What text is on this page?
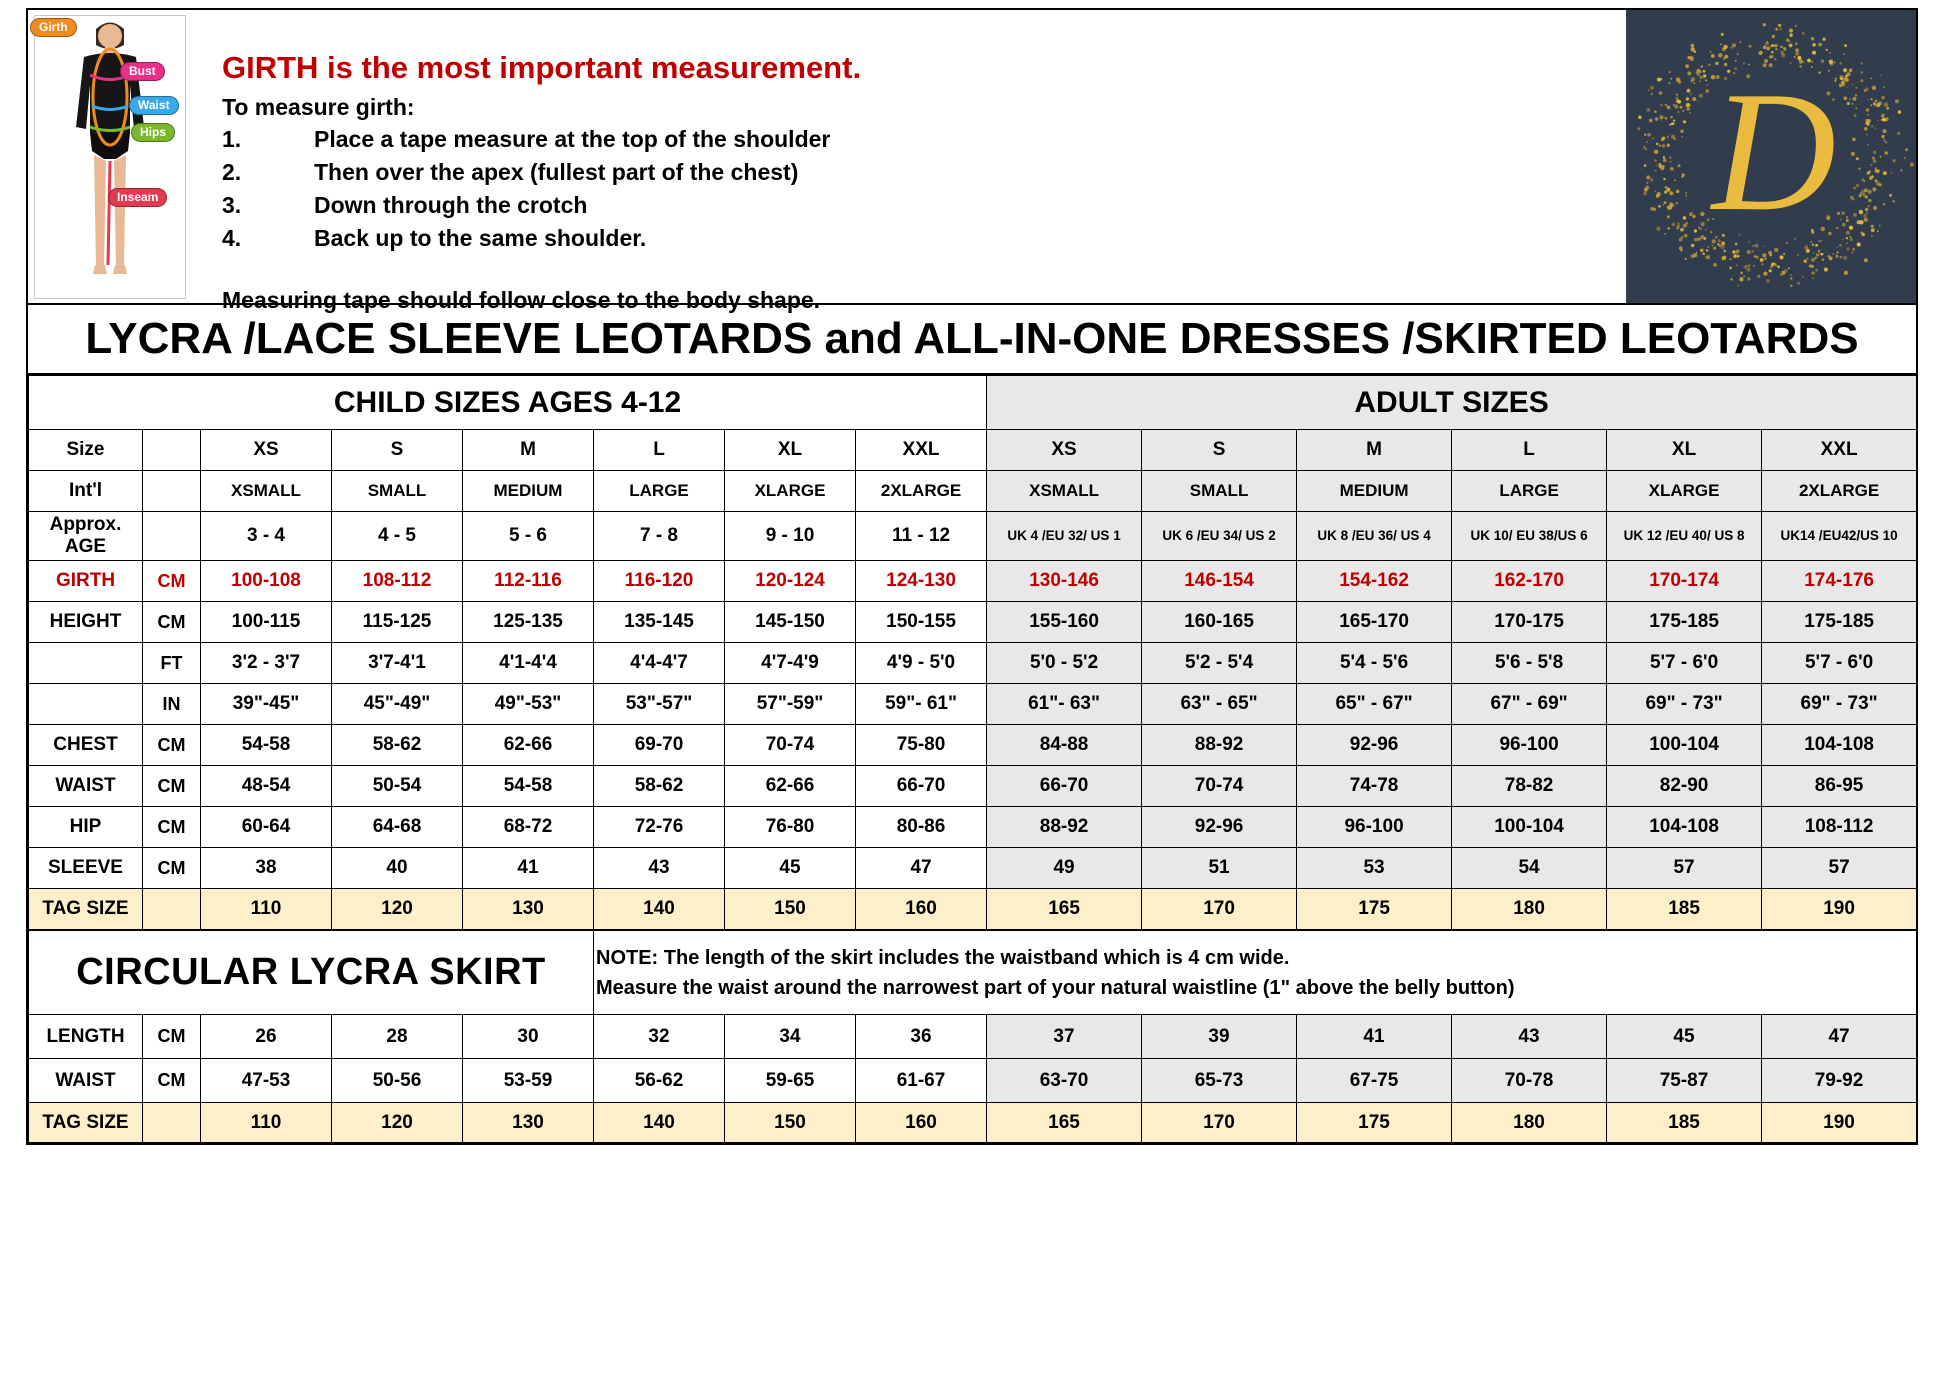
Girth
Bust
Waist
Hips
Inseam
GIRTH is the most important measurement.
To measure girth:
1.	Place a tape measure at the top of the shoulder
2.	Then over the apex (fullest part of the chest)
3.	Down through the crotch
4.	Back up to the same shoulder.
Measuring tape should follow close to the body shape.
D
LYCRA /LACE SLEEVE LEOTARDS and ALL-IN-ONE DRESSES /SKIRTED LEOTARDS
CHILD SIZES AGES 4-12								ADULT SIZES					
Size		XS	S	M	L	XL	XXL	XS	S	M	L	XL	XXL
Int'l		XSMALL	SMALL	MEDIUM	LARGE	XLARGE	2XLARGE	XSMALL	SMALL	MEDIUM	LARGE	XLARGE	2XLARGE
Approx. AGE		3 - 4	4 - 5	5 - 6	7 - 8	9 - 10	11 - 12	UK 4 /EU 32/ US 1	UK 6 /EU 34/ US 2	UK 8 /EU 36/ US 4	UK 10/ EU 38/US 6	UK 12 /EU 40/ US 8	UK14 /EU42/US 10
GIRTH	CM	100-108	108-112	112-116	116-120	120-124	124-130	130-146	146-154	154-162	162-170	170-174	174-176
HEIGHT	CM	100-115	115-125	125-135	135-145	145-150	150-155	155-160	160-165	165-170	170-175	175-185	175-185
	FT	3'2 - 3'7	3'7-4'1	4'1-4'4	4'4-4'7	4'7-4'9	4'9 - 5'0	5'0 - 5'2	5'2 - 5'4	5'4 - 5'6	5'6 - 5'8	5'7 - 6'0	5'7 - 6'0
	IN	39"-45"	45"-49"	49"-53"	53"-57"	57"-59"	59"- 61"	61"- 63"	63" - 65"	65" - 67"	67" - 69"	69" - 73"	69" - 73"
CHEST	CM	54-58	58-62	62-66	69-70	70-74	75-80	84-88	88-92	92-96	96-100	100-104	104-108
WAIST	CM	48-54	50-54	54-58	58-62	62-66	66-70	66-70	70-74	74-78	78-82	82-90	86-95
HIP	CM	60-64	64-68	68-72	72-76	76-80	80-86	88-92	92-96	96-100	100-104	104-108	108-112
SLEEVE	CM	38	40	41	43	45	47	49	51	53	54	57	57
TAG SIZE		110	120	130	140	150	160	165	170	175	180	185	190
CIRCULAR LYCRA SKIRT					NOTE: The length of the skirt includes the waistband which is 4 cm wide.
Measure the waist around the narrowest part of your natural waistline (1" above the belly button)								

LENGTH	CM	26	28	30	32	34	36	37	39	41	43	45	47
WAIST	CM	47-53	50-56	53-59	56-62	59-65	61-67	63-70	65-73	67-75	70-78	75-87	79-92
TAG SIZE		110	120	130	140	150	160	165	170	175	180	185	190
